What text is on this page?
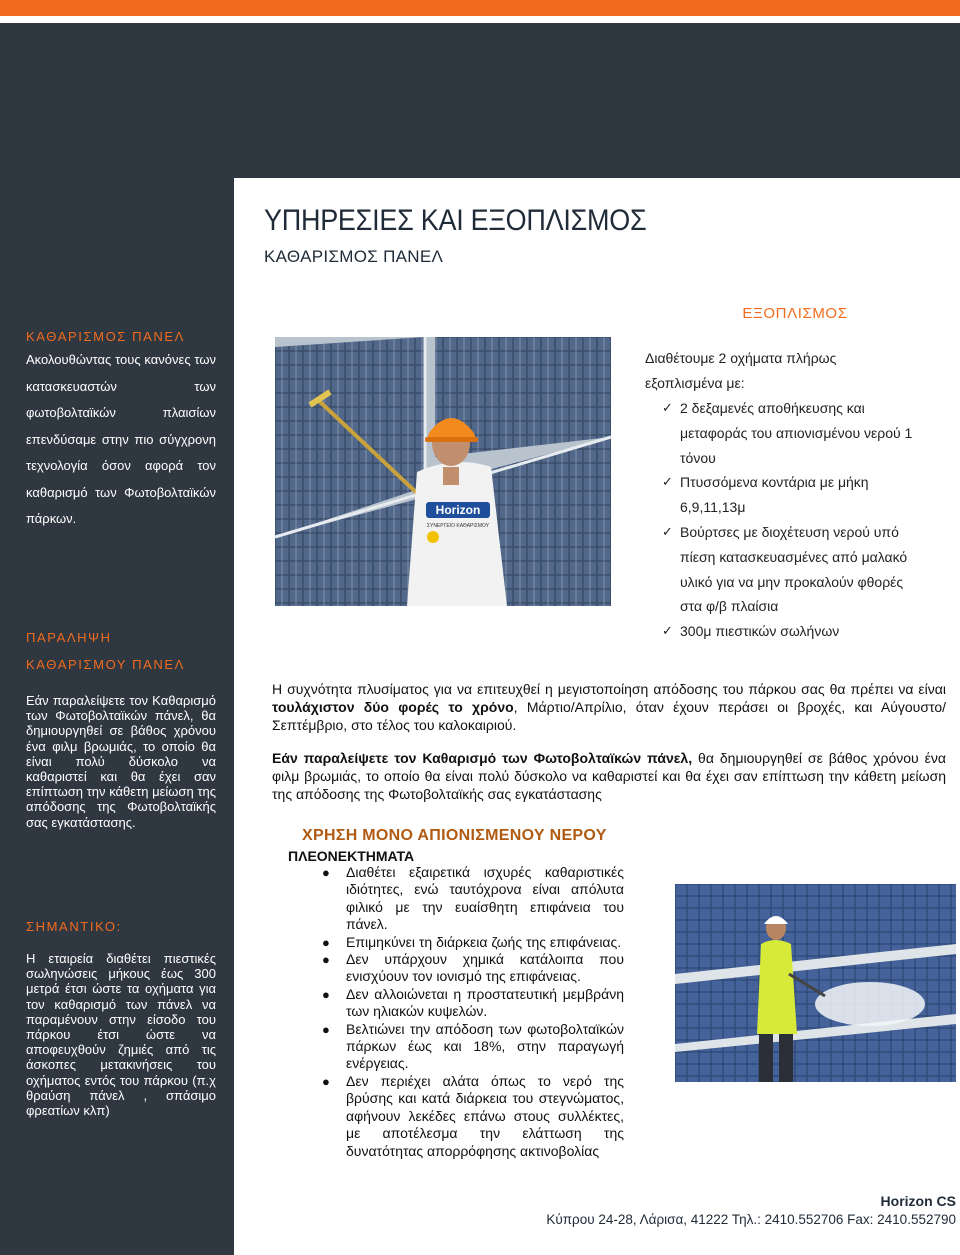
ΚΑΘΑΡΙΣΜΟΣ ΠΑΝΕΛ
Ακολουθώντας τους κανόνες των κατασκευαστών των φωτοβολταϊκών πλαισίων επενδύσαμε στην πιο σύγχρονη τεχνολογία όσον αφορά τον καθαρισμό των Φωτοβολταϊκών πάρκων.
ΠΑΡΑΛΗΨΗ ΚΑΘΑΡΙΣΜΟΥ ΠΑΝΕΛ
Εάν παραλείψετε τον Καθαρισμό των Φωτοβολταϊκών πάνελ, θα δημιουργηθεί σε βάθος χρόνου ένα φιλμ βρωμιάς, το οποίο θα είναι πολύ δύσκολο να καθαριστεί και θα έχει σαν επίπτωση την κάθετη μείωση της απόδοσης της Φωτοβολταϊκής σας εγκατάστασης.
ΣΗΜΑΝΤΙΚΟ:
Η εταιρεία διαθέτει πιεστικές σωληνώσεις μήκους έως 300 μετρά έτσι ώστε τα οχήματα για τον καθαρισμό των πάνελ να παραμένουν στην είσοδο του πάρκου έτσι ώστε να αποφευχθούν ζημιές από τις άσκοπες μετακινήσεις του οχήματος εντός του πάρκου (π.χ θραύση πάνελ , σπάσιμο φρεατίων κλπ)
ΥΠΗΡΕΣΙΕΣ ΚΑΙ ΕΞΟΠΛΙΣΜΟΣ
ΚΑΘΑΡΙΣΜΟΣ ΠΑΝΕΛ
Horizon
ΣΥΝΕΡΓΕΙΟ ΚΑΘΑΡΙΣΜΟΥ
ΕΞΟΠΛΙΣΜΟΣ
Διαθέτουμε 2 οχήματα πλήρως εξοπλισμένα με:
✓ 2 δεξαμενές αποθήκευσης και μεταφοράς του απιονισμένου νερού 1 τόνου
✓ Πτυσσόμενα κοντάρια με μήκη 6,9,11,13μ
✓ Βούρτσες με διοχέτευση νερού υπό πίεση κατασκευασμένες από μαλακό υλικό για να μην προκαλούν φθορές στα φ/β πλαίσια
✓ 300μ πιεστικών σωλήνων
Η συχνότητα πλυσίματος για να επιτευχθεί η μεγιστοποίηση απόδοσης του πάρκου σας θα πρέπει να είναι τουλάχιστον δύο φορές το χρόνο, Μάρτιο/Απρίλιο, όταν έχουν περάσει οι βροχές, και Αύγουστο/Σεπτέμβριο, στο τέλος του καλοκαιριού.
Εάν παραλείψετε τον Καθαρισμό των Φωτοβολταϊκών πάνελ, θα δημιουργηθεί σε βάθος χρόνου ένα φιλμ βρωμιάς, το οποίο θα είναι πολύ δύσκολο να καθαριστεί και θα έχει σαν επίπτωση την κάθετη μείωση της απόδοσης της Φωτοβολταϊκής σας εγκατάστασης
ΧΡΗΣΗ ΜΟΝΟ ΑΠΙΟΝΙΣΜΕΝΟΥ ΝΕΡΟΥ
ΠΛΕΟΝΕΚΤΗΜΑΤΑ
● Διαθέτει εξαιρετικά ισχυρές καθαριστικές ιδιότητες, ενώ ταυτόχρονα είναι απόλυτα φιλικό με την ευαίσθητη επιφάνεια του πάνελ.
● Επιμηκύνει τη διάρκεια ζωής της επιφάνειας.
● Δεν υπάρχουν χημικά κατάλοιπα που ενισχύουν τον ιονισμό της επιφάνειας.
● Δεν αλλοιώνεται η προστατευτική μεμβράνη των ηλιακών κυψελών.
● Βελτιώνει την απόδοση των φωτοβολταϊκών πάρκων έως και 18%, στην παραγωγή ενέργειας.
● Δεν περιέχει αλάτα όπως το νερό της βρύσης και κατά διάρκεια του στεγνώματος, αφήνουν λεκέδες επάνω στους συλλέκτες, με αποτέλεσμα την ελάττωση της δυνατότητας απορρόφησης ακτινοβολίας
Horizon CS
Κύπρου 24-28, Λάρισα, 41222 Τηλ.: 2410.552706 Fax: 2410.552790
